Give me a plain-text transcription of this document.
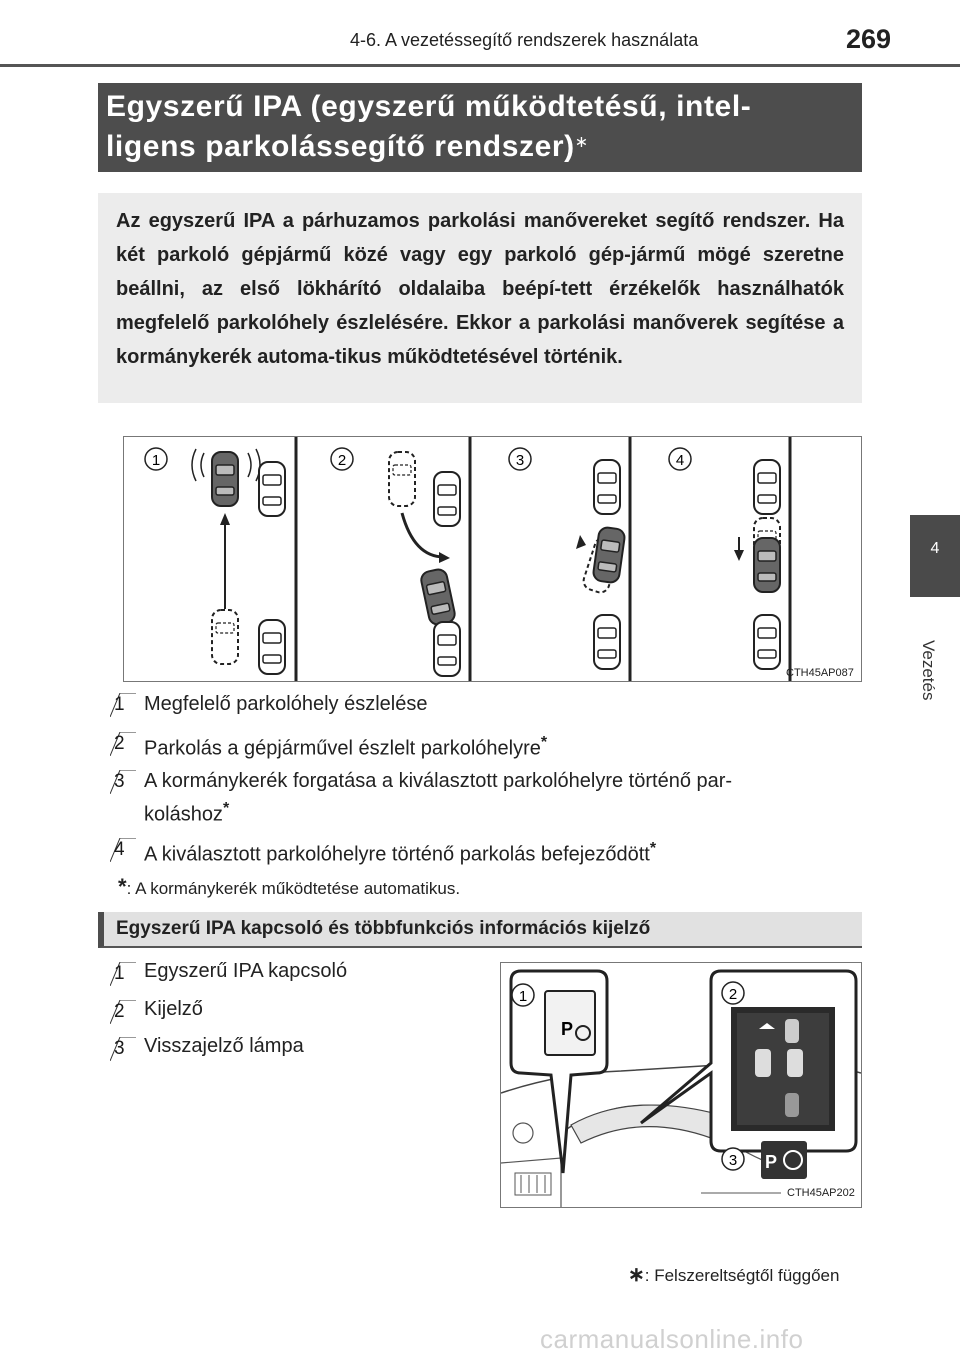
4-6. A vezetéssegítő rendszerek használata	269
4
Vezetés
Egyszerű IPA (egyszerű működtetésű, intel-
ligens parkolássegítő rendszer)∗
Az egyszerű IPA a párhuzamos parkolási manővereket segítő rendszer. Ha két parkoló gépjármű közé vagy egy parkoló gép-jármű mögé szeretne beállni, az első lökhárító oldalaiba beépí-tett érzékelők használhatók megfelelő parkolóhely észlelésére. Ekkor a parkolási manőverek segítése a kormánykerék automa-tikus működtetésével történik.
1	2	3	4
CTH45AP087
1 Megfelelő parkolóhely észlelése
2 Parkolás a gépjárművel észlelt parkolóhelyre*
3 A kormánykerék forgatása a kiválasztott parkolóhelyre történő par-
koláshoz*
4 A kiválasztott parkolóhelyre történő parkolás befejeződött*
*: A kormánykerék működtetése automatikus.
Egyszerű IPA kapcsoló és többfunkciós információs kijelző
1 Egyszerű IPA kapcsoló
2 Kijelző
3 Visszajelző lámpa
P
P
1	2
3
CTH45AP202
∗: Felszereltségtől függően
carmanualsonline.info
